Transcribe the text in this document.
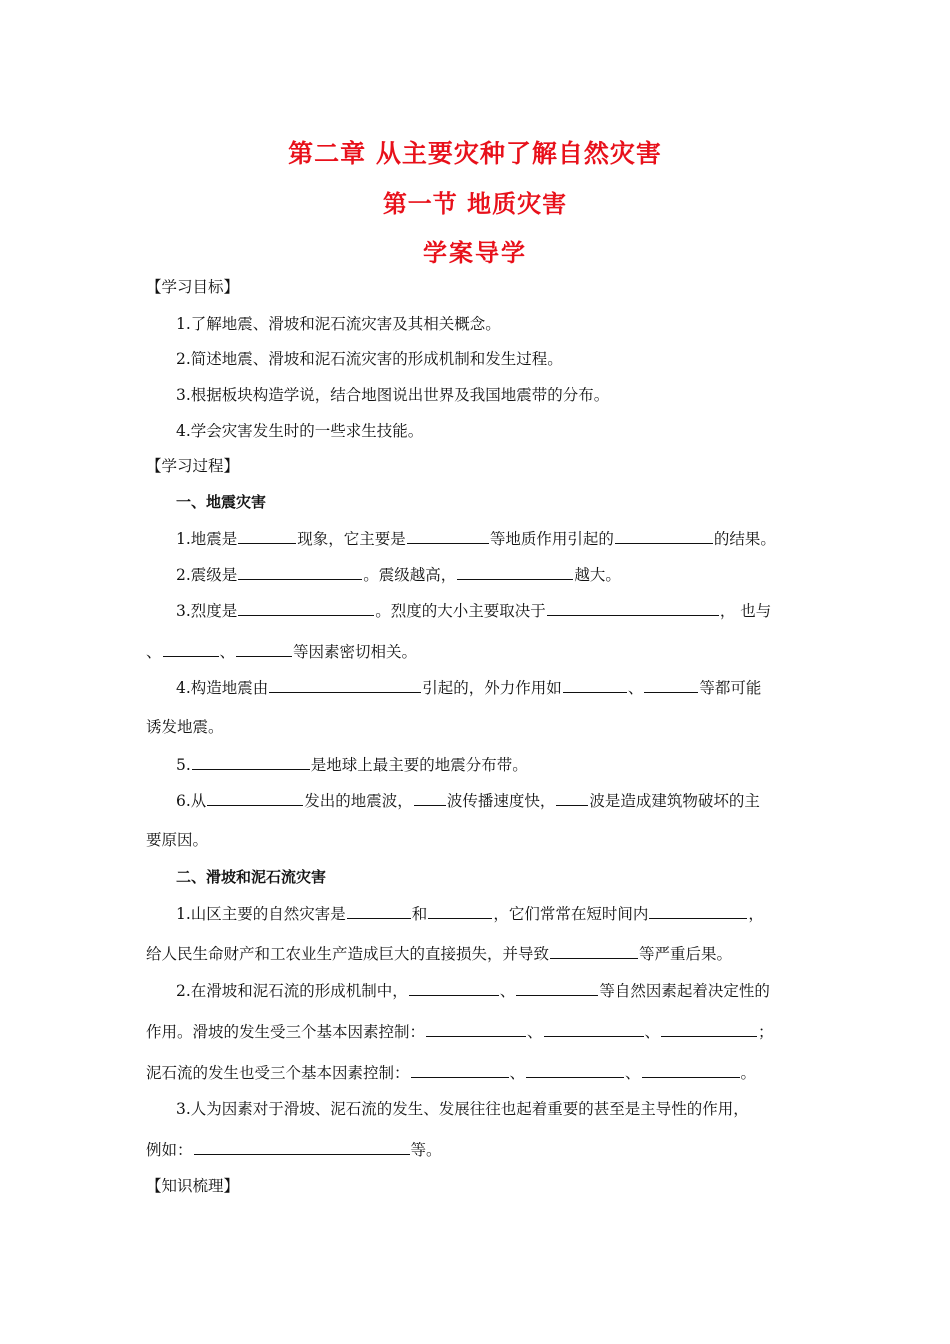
第二章 从主要灾种了解自然灾害
第一节 地质灾害
学案导学
【学习目标】
1.了解地震、滑坡和泥石流灾害及其相关概念。
2.简述地震、滑坡和泥石流灾害的形成机制和发生过程。
3.根据板块构造学说，结合地图说出世界及我国地震带的分布。
4.学会灾害发生时的一些求生技能。
【学习过程】
一、地震灾害
1.地震是	现象，它主要是	等地质作用引起的	的结果。
2.震级是	。震级越高，	越大。
3.烈度是	。烈度的大小主要取决于	， 也与
、	、	等因素密切相关。
4.构造地震由	引起的，外力作用如	、	等都可能
诱发地震。
5.	是地球上最主要的地震分布带。
6.从	发出的地震波， 波传播速度快， 波是造成建筑物破坏的主
要原因。
二、滑坡和泥石流灾害
1.山区主要的自然灾害是	和	，它们常常在短时间内	，
给人民生命财产和工农业生产造成巨大的直接损失，并导致	等严重后果。
2.在滑坡和泥石流的形成机制中，	、	等自然因素起着决定性的
作用。滑坡的发生受三个基本因素控制：	、	、	；
泥石流的发生也受三个基本因素控制：	、	、	。
3.人为因素对于滑坡、泥石流的发生、发展往往也起着重要的甚至是主导性的作用，
例如：	等。
【知识梳理】
